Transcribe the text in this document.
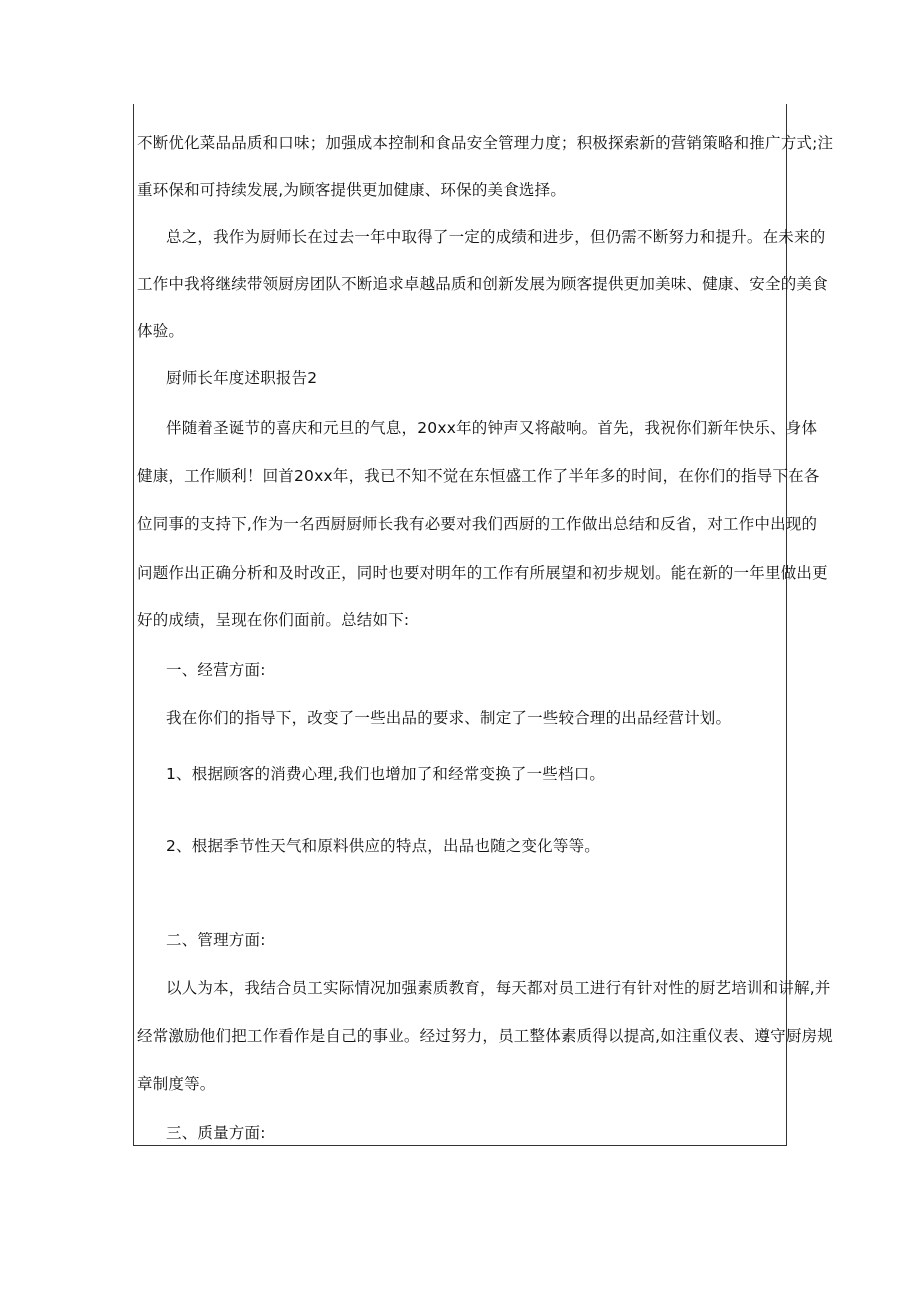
不断优化菜品品质和口味；加强成本控制和食品安全管理力度；积极探索新的营销策略和推广方式;注

重环保和可持续发展,为顾客提供更加健康、环保的美食选择。

总之，我作为厨师长在过去一年中取得了一定的成绩和进步，但仍需不断努力和提升。在未来的

工作中我将继续带领厨房团队不断追求卓越品质和创新发展为顾客提供更加美味、健康、安全的美食

体验。

厨师长年度述职报告2

伴随着圣诞节的喜庆和元旦的气息，20xx年的钟声又将敲响。首先，我祝你们新年快乐、身体

健康，工作顺利！回首20xx年，我已不知不觉在东恒盛工作了半年多的时间，在你们的指导下在各

位同事的支持下,作为一名西厨厨师长我有必要对我们西厨的工作做出总结和反省，对工作中出现的

问题作出正确分析和及时改正，同时也要对明年的工作有所展望和初步规划。能在新的一年里做出更

好的成绩，呈现在你们面前。总结如下:

一、经营方面:

我在你们的指导下，改变了一些出品的要求、制定了一些较合理的出品经营计划。

1、根据顾客的消费心理,我们也增加了和经常变换了一些档口。

2、根据季节性天气和原料供应的特点，出品也随之变化等等。

二、管理方面:

以人为本，我结合员工实际情况加强素质教育，每天都对员工进行有针对性的厨艺培训和讲解,并

经常激励他们把工作看作是自己的事业。经过努力，员工整体素质得以提高,如注重仪表、遵守厨房规

章制度等。

三、质量方面:
